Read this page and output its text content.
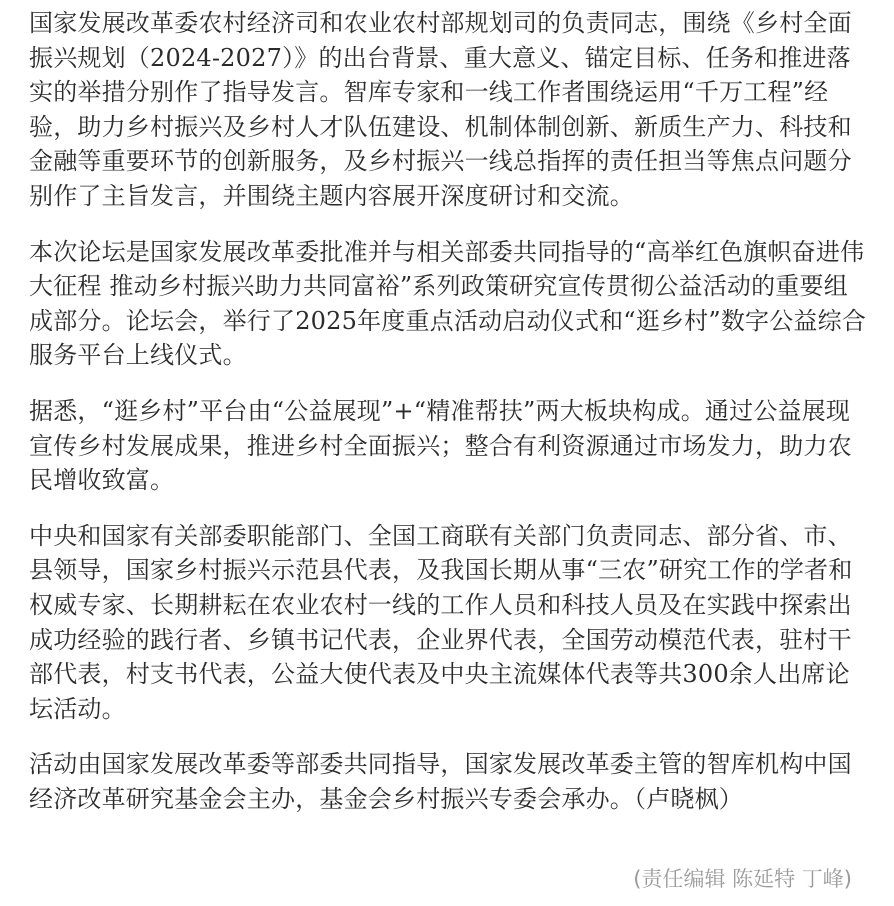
国家发展改革委农村经济司和农业农村部规划司的负责同志，围绕《乡村全面振兴规划（2024-2027）》的出台背景、重大意义、锚定目标、任务和推进落实的举措分别作了指导发言。智库专家和一线工作者围绕运用“千万工程”经验，助力乡村振兴及乡村人才队伍建设、机制体制创新、新质生产力、科技和金融等重要环节的创新服务，及乡村振兴一线总指挥的责任担当等焦点问题分别作了主旨发言，并围绕主题内容展开深度研讨和交流。

本次论坛是国家发展改革委批准并与相关部委共同指导的“高举红色旗帜奋进伟大征程 推动乡村振兴助力共同富裕”系列政策研究宣传贯彻公益活动的重要组成部分。论坛会，举行了2025年度重点活动启动仪式和“逛乡村”数字公益综合服务平台上线仪式。

据悉，“逛乡村”平台由“公益展现”+“精准帮扶”两大板块构成。通过公益展现宣传乡村发展成果，推进乡村全面振兴；整合有利资源通过市场发力，助力农民增收致富。

中央和国家有关部委职能部门、全国工商联有关部门负责同志、部分省、市、县领导，国家乡村振兴示范县代表，及我国长期从事“三农”研究工作的学者和权威专家、长期耕耘在农业农村一线的工作人员和科技人员及在实践中探索出成功经验的践行者、乡镇书记代表，企业界代表，全国劳动模范代表，驻村干部代表，村支书代表，公益大使代表及中央主流媒体代表等共300余人出席论坛活动。

活动由国家发展改革委等部委共同指导，国家发展改革委主管的智库机构中国经济改革研究基金会主办，基金会乡村振兴专委会承办。（卢晓枫）

(责任编辑 陈延特 丁峰)
